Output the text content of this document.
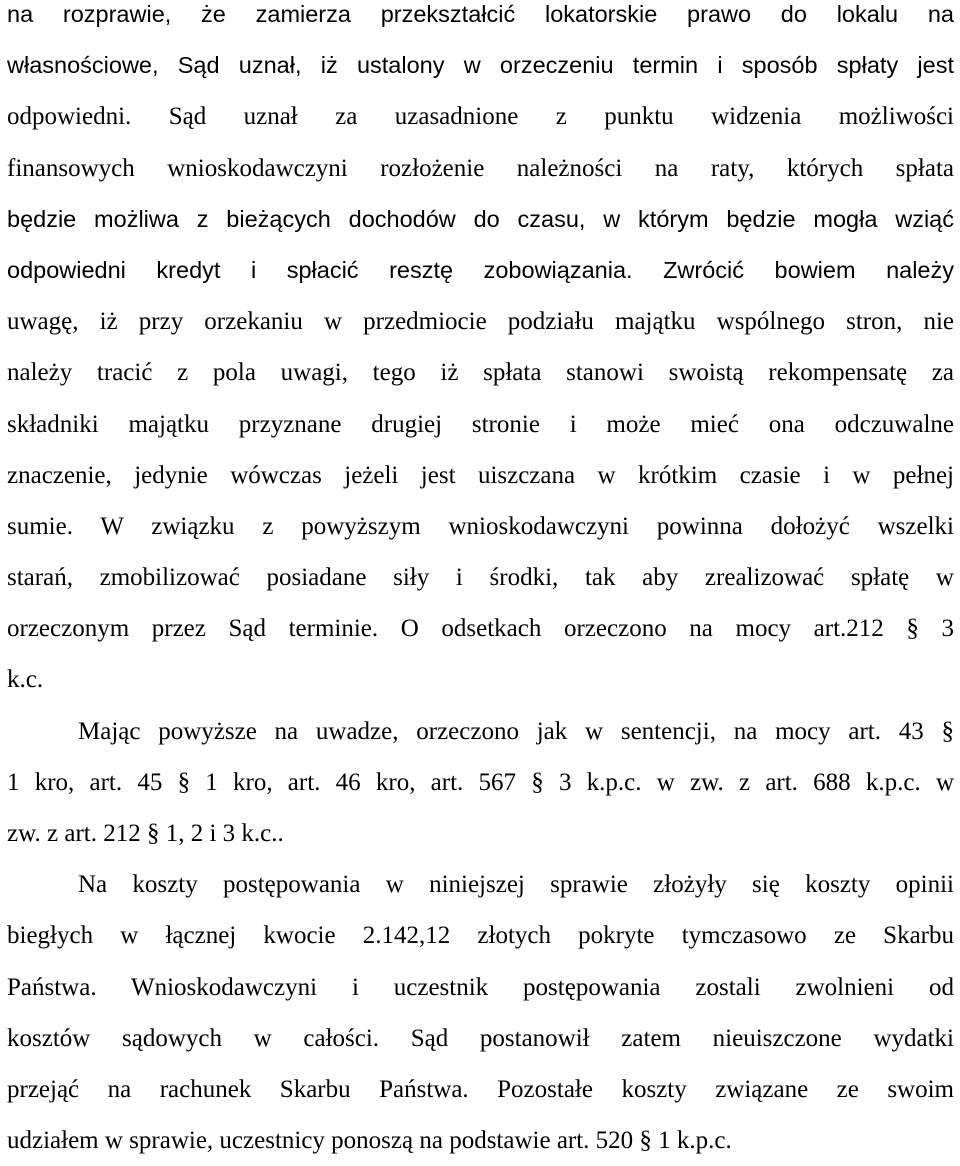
na rozprawie, że zamierza przekształcić lokatorskie prawo do lokalu na
własnościowe, Sąd uznał, iż ustalony w orzeczeniu termin i sposób spłaty jest
odpowiedni. Sąd uznał za uzasadnione z punktu widzenia możliwości
finansowych wnioskodawczyni rozłożenie należności na raty, których spłata
będzie możliwa z bieżących dochodów do czasu, w którym będzie mogła wziąć
odpowiedni kredyt i spłacić resztę zobowiązania. Zwrócić bowiem należy
uwagę, iż przy orzekaniu w przedmiocie podziału majątku wspólnego stron, nie
należy tracić z pola uwagi, tego iż spłata stanowi swoistą rekompensatę za
składniki majątku przyznane drugiej stronie i może mieć ona odczuwalne
znaczenie, jedynie wówczas jeżeli jest uiszczana w krótkim czasie i w pełnej
sumie. W związku z powyższym wnioskodawczyni powinna dołożyć wszelki
starań, zmobilizować posiadane siły i środki, tak aby zrealizować spłatę w
orzeczonym przez Sąd terminie. O odsetkach orzeczono na mocy art.212 § 3
k.c.
Mając powyższe na uwadze, orzeczono jak w sentencji, na mocy art. 43 §
1 kro, art. 45 § 1 kro, art. 46 kro, art. 567 § 3 k.p.c. w zw. z art. 688 k.p.c. w
zw. z art. 212 § 1, 2 i 3 k.c..
Na koszty postępowania w niniejszej sprawie złożyły się koszty opinii
biegłych w łącznej kwocie 2.142,12 złotych pokryte tymczasowo ze Skarbu
Państwa. Wnioskodawczyni i uczestnik postępowania zostali zwolnieni od
kosztów sądowych w całości. Sąd postanowił zatem nieuiszczone wydatki
przejąć na rachunek Skarbu Państwa. Pozostałe koszty związane ze swoim
udziałem w sprawie, uczestnicy ponoszą na podstawie art. 520 § 1 k.p.c.
